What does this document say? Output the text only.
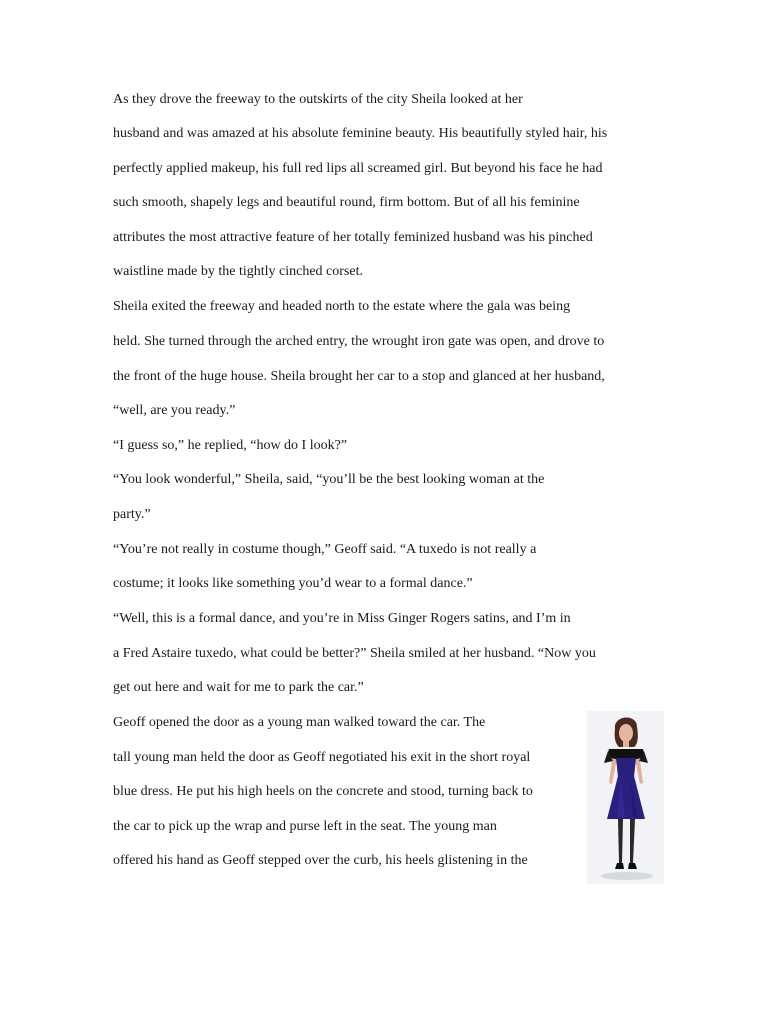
As they drove the freeway to the outskirts of the city Sheila looked at her
husband and was amazed at his absolute feminine beauty. His beautifully styled hair, his
perfectly applied makeup, his full red lips all screamed girl. But beyond his face he had
such smooth, shapely legs and beautiful round, firm bottom. But of all his feminine
attributes the most attractive feature of her totally feminized husband was his pinched
waistline made by the tightly cinched corset.
Sheila exited the freeway and headed north to the estate where the gala was being
held. She turned through the arched entry, the wrought iron gate was open, and drove to
the front of the huge house. Sheila brought her car to a stop and glanced at her husband,
“well, are you ready.”
“I guess so,” he replied, “how do I look?”
“You look wonderful,” Sheila, said, “you’ll be the best looking woman at the
party.”
“You’re not really in costume though,” Geoff said. “A tuxedo is not really a
costume; it looks like something you’d wear to a formal dance.”
“Well, this is a formal dance, and you’re in Miss Ginger Rogers satins, and I’m in
a Fred Astaire tuxedo, what could be better?” Sheila smiled at her husband. “Now you
get out here and wait for me to park the car.”
Geoff opened the door as a young man walked toward the car. The
tall young man held the door as Geoff negotiated his exit in the short royal
blue dress. He put his high heels on the concrete and stood, turning back to
the car to pick up the wrap and purse left in the seat. The young man
offered his hand as Geoff stepped over the curb, his heels glistening in the
